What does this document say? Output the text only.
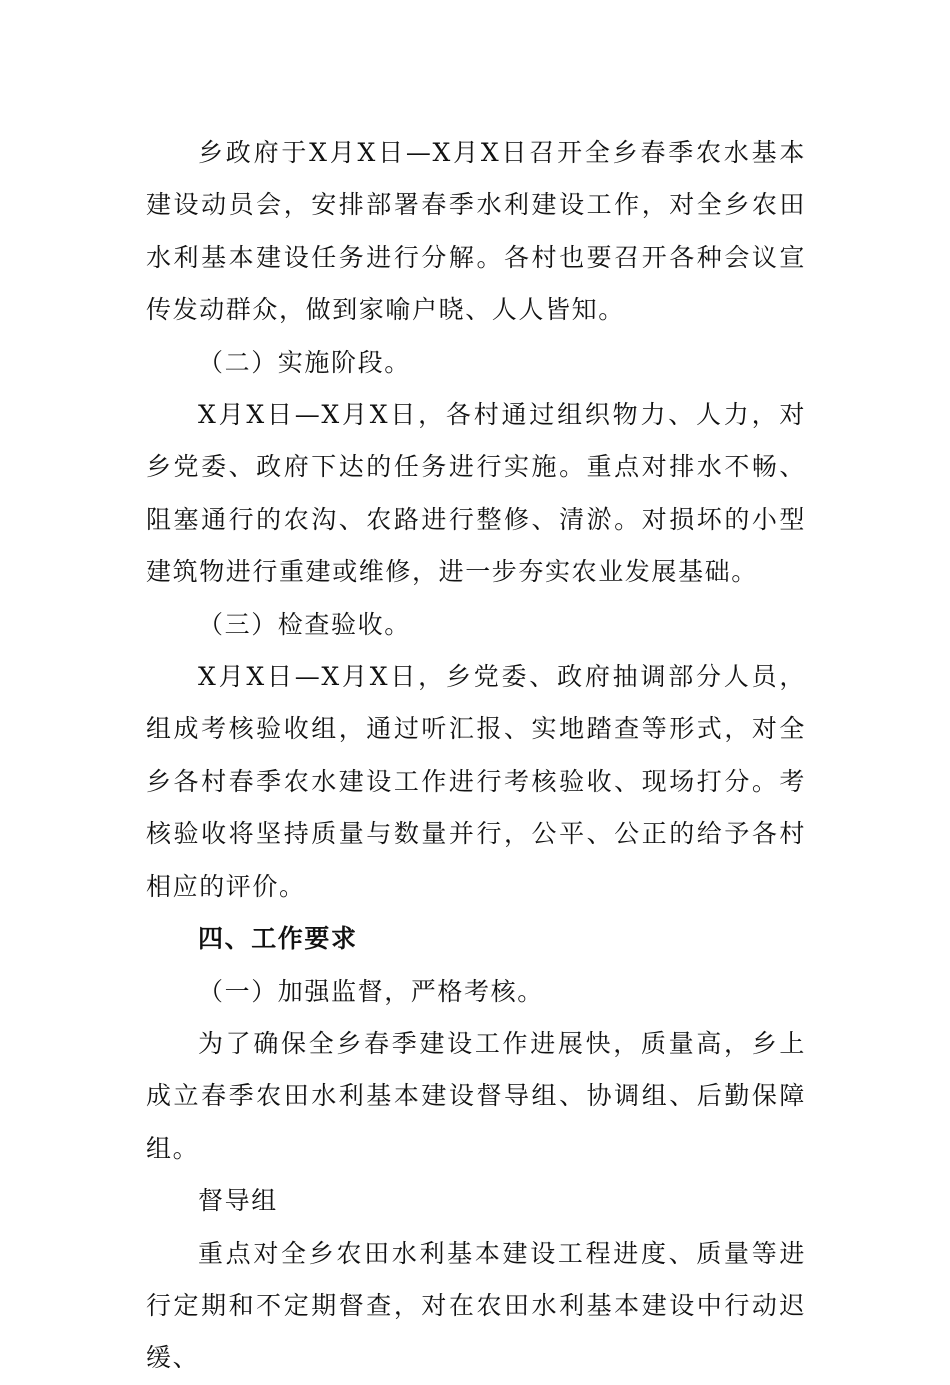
乡政府于X月X日—X月X日召开全乡春季农水基本建设动员会，安排部署春季水利建设工作，对全乡农田水利基本建设任务进行分解。各村也要召开各种会议宣传发动群众，做到家喻户晓、人人皆知。

（二）实施阶段。

X月X日—X月X日，各村通过组织物力、人力，对乡党委、政府下达的任务进行实施。重点对排水不畅、阻塞通行的农沟、农路进行整修、清淤。对损坏的小型建筑物进行重建或维修，进一步夯实农业发展基础。

（三）检查验收。

X月X日—X月X日，乡党委、政府抽调部分人员，组成考核验收组，通过听汇报、实地踏查等形式，对全乡各村春季农水建设工作进行考核验收、现场打分。考核验收将坚持质量与数量并行，公平、公正的给予各村相应的评价。

四、工作要求

（一）加强监督，严格考核。

为了确保全乡春季建设工作进展快，质量高，乡上成立春季农田水利基本建设督导组、协调组、后勤保障组。

督导组

重点对全乡农田水利基本建设工程进度、质量等进行定期和不定期督查，对在农田水利基本建设中行动迟缓、
